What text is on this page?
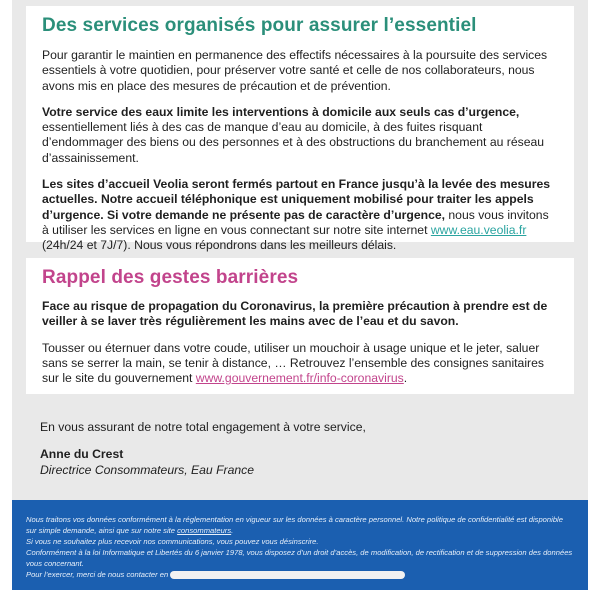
Des services organisés pour assurer l’essentiel

Pour garantir le maintien en permanence des effectifs nécessaires à la poursuite des services essentiels à votre quotidien, pour préserver votre santé et celle de nos collaborateurs, nous avons mis en place des mesures de précaution et de prévention.

Votre service des eaux limite les interventions à domicile aux seuls cas d’urgence, essentiellement liés à des cas de manque d’eau au domicile, à des fuites risquant d’endommager des biens ou des personnes et à des obstructions du branchement au réseau d’assainissement.

Les sites d’accueil Veolia seront fermés partout en France jusqu’à la levée des mesures actuelles. Notre accueil téléphonique est uniquement mobilisé pour traiter les appels d’urgence. Si votre demande ne présente pas de caractère d’urgence, nous vous invitons à utiliser les services en ligne en vous connectant sur notre site internet www.eau.veolia.fr (24h/24 et 7J/7). Nous vous répondrons dans les meilleurs délais.

Rappel des gestes barrières

Face au risque de propagation du Coronavirus, la première précaution à prendre est de veiller à se laver très régulièrement les mains avec de l’eau et du savon.

Tousser ou éternuer dans votre coude, utiliser un mouchoir à usage unique et le jeter, saluer sans se serrer la main, se tenir à distance, … Retrouvez l’ensemble des consignes sanitaires sur le site du gouvernement www.gouvernement.fr/info-coronavirus.

En vous assurant de notre total engagement à votre service,
Anne du Crest
Directrice Consommateurs, Eau France
Nous traitons vos données conformément à la réglementation en vigueur sur les données à caractère personnel. Notre politique de confidentialité est disponible sur simple demande, ainsi que sur notre site consommateurs.
Si vous ne souhaitez plus recevoir nos communications, vous pouvez vous désinscrire.
Conformément à la loi Informatique et Libertés du 6 janvier 1978, vous disposez d’un droit d’accès, de modification, de rectification et de suppression des données vous concernant.
Pour l’exercer, merci de nous contacter en
